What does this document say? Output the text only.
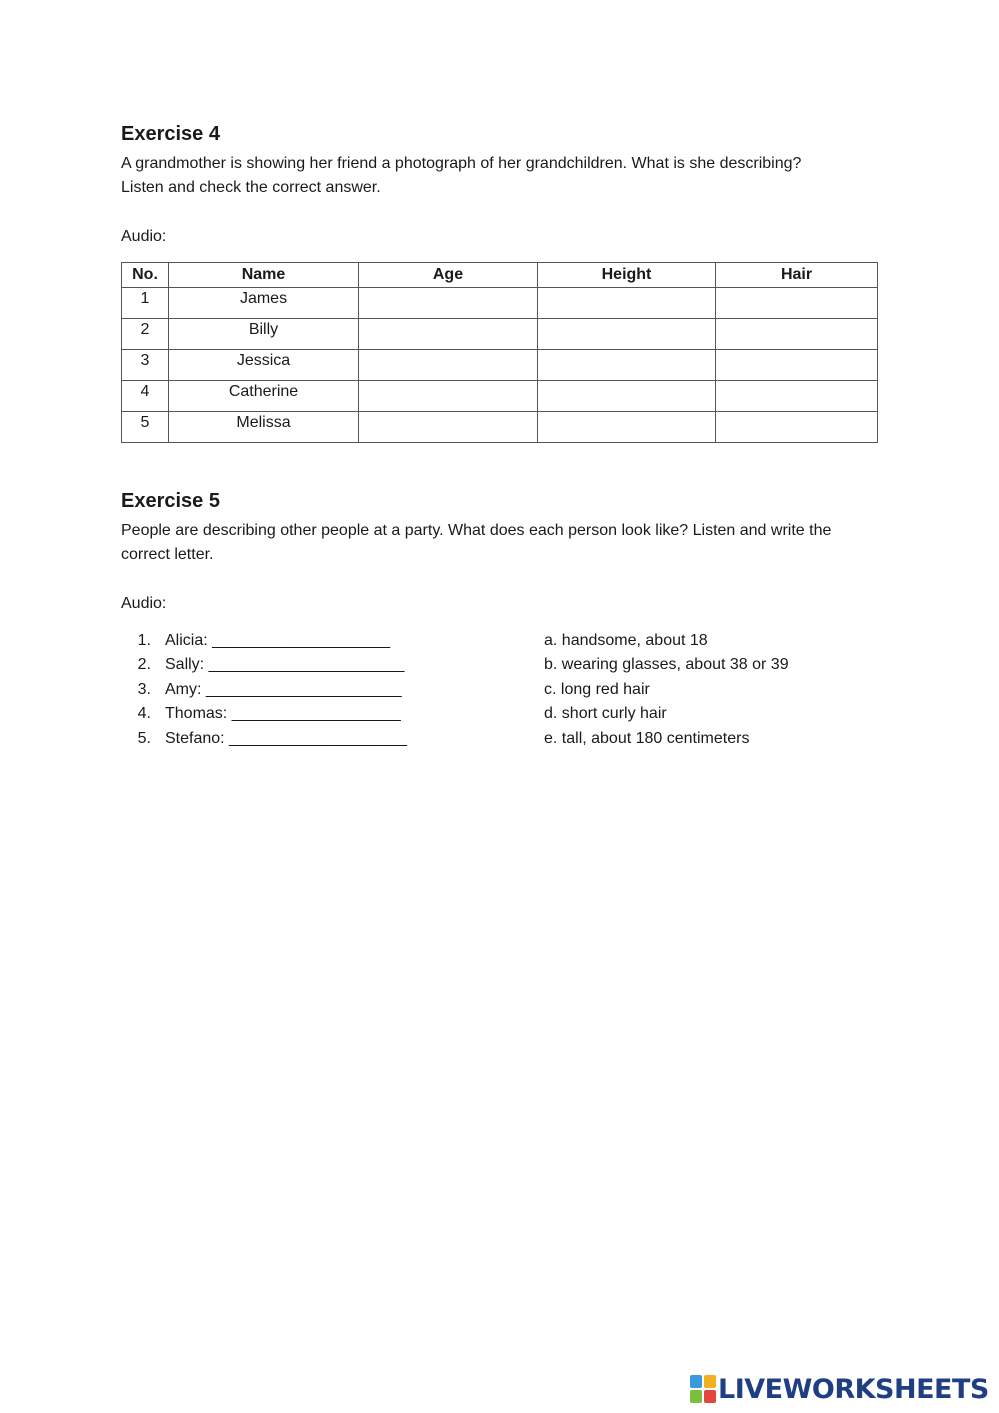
Exercise 4
A grandmother is showing her friend a photograph of her grandchildren. What is she describing?
Listen and check the correct answer.
Audio:
No.	Name	Age	Height	Hair
1	James			
2	Billy			
3	Jessica			
4	Catherine			
5	Melissa			
Exercise 5
People are describing other people at a party. What does each person look like? Listen and write the
correct letter.
Audio:
1. Alicia: ____________________
2. Sally: ______________________
3. Amy: ______________________
4. Thomas: ___________________
5. Stefano: ____________________
a. handsome, about 18
b. wearing glasses, about 38 or 39
c. long red hair
d. short curly hair
e. tall, about 180 centimeters
LIVEWORKSHEETS
